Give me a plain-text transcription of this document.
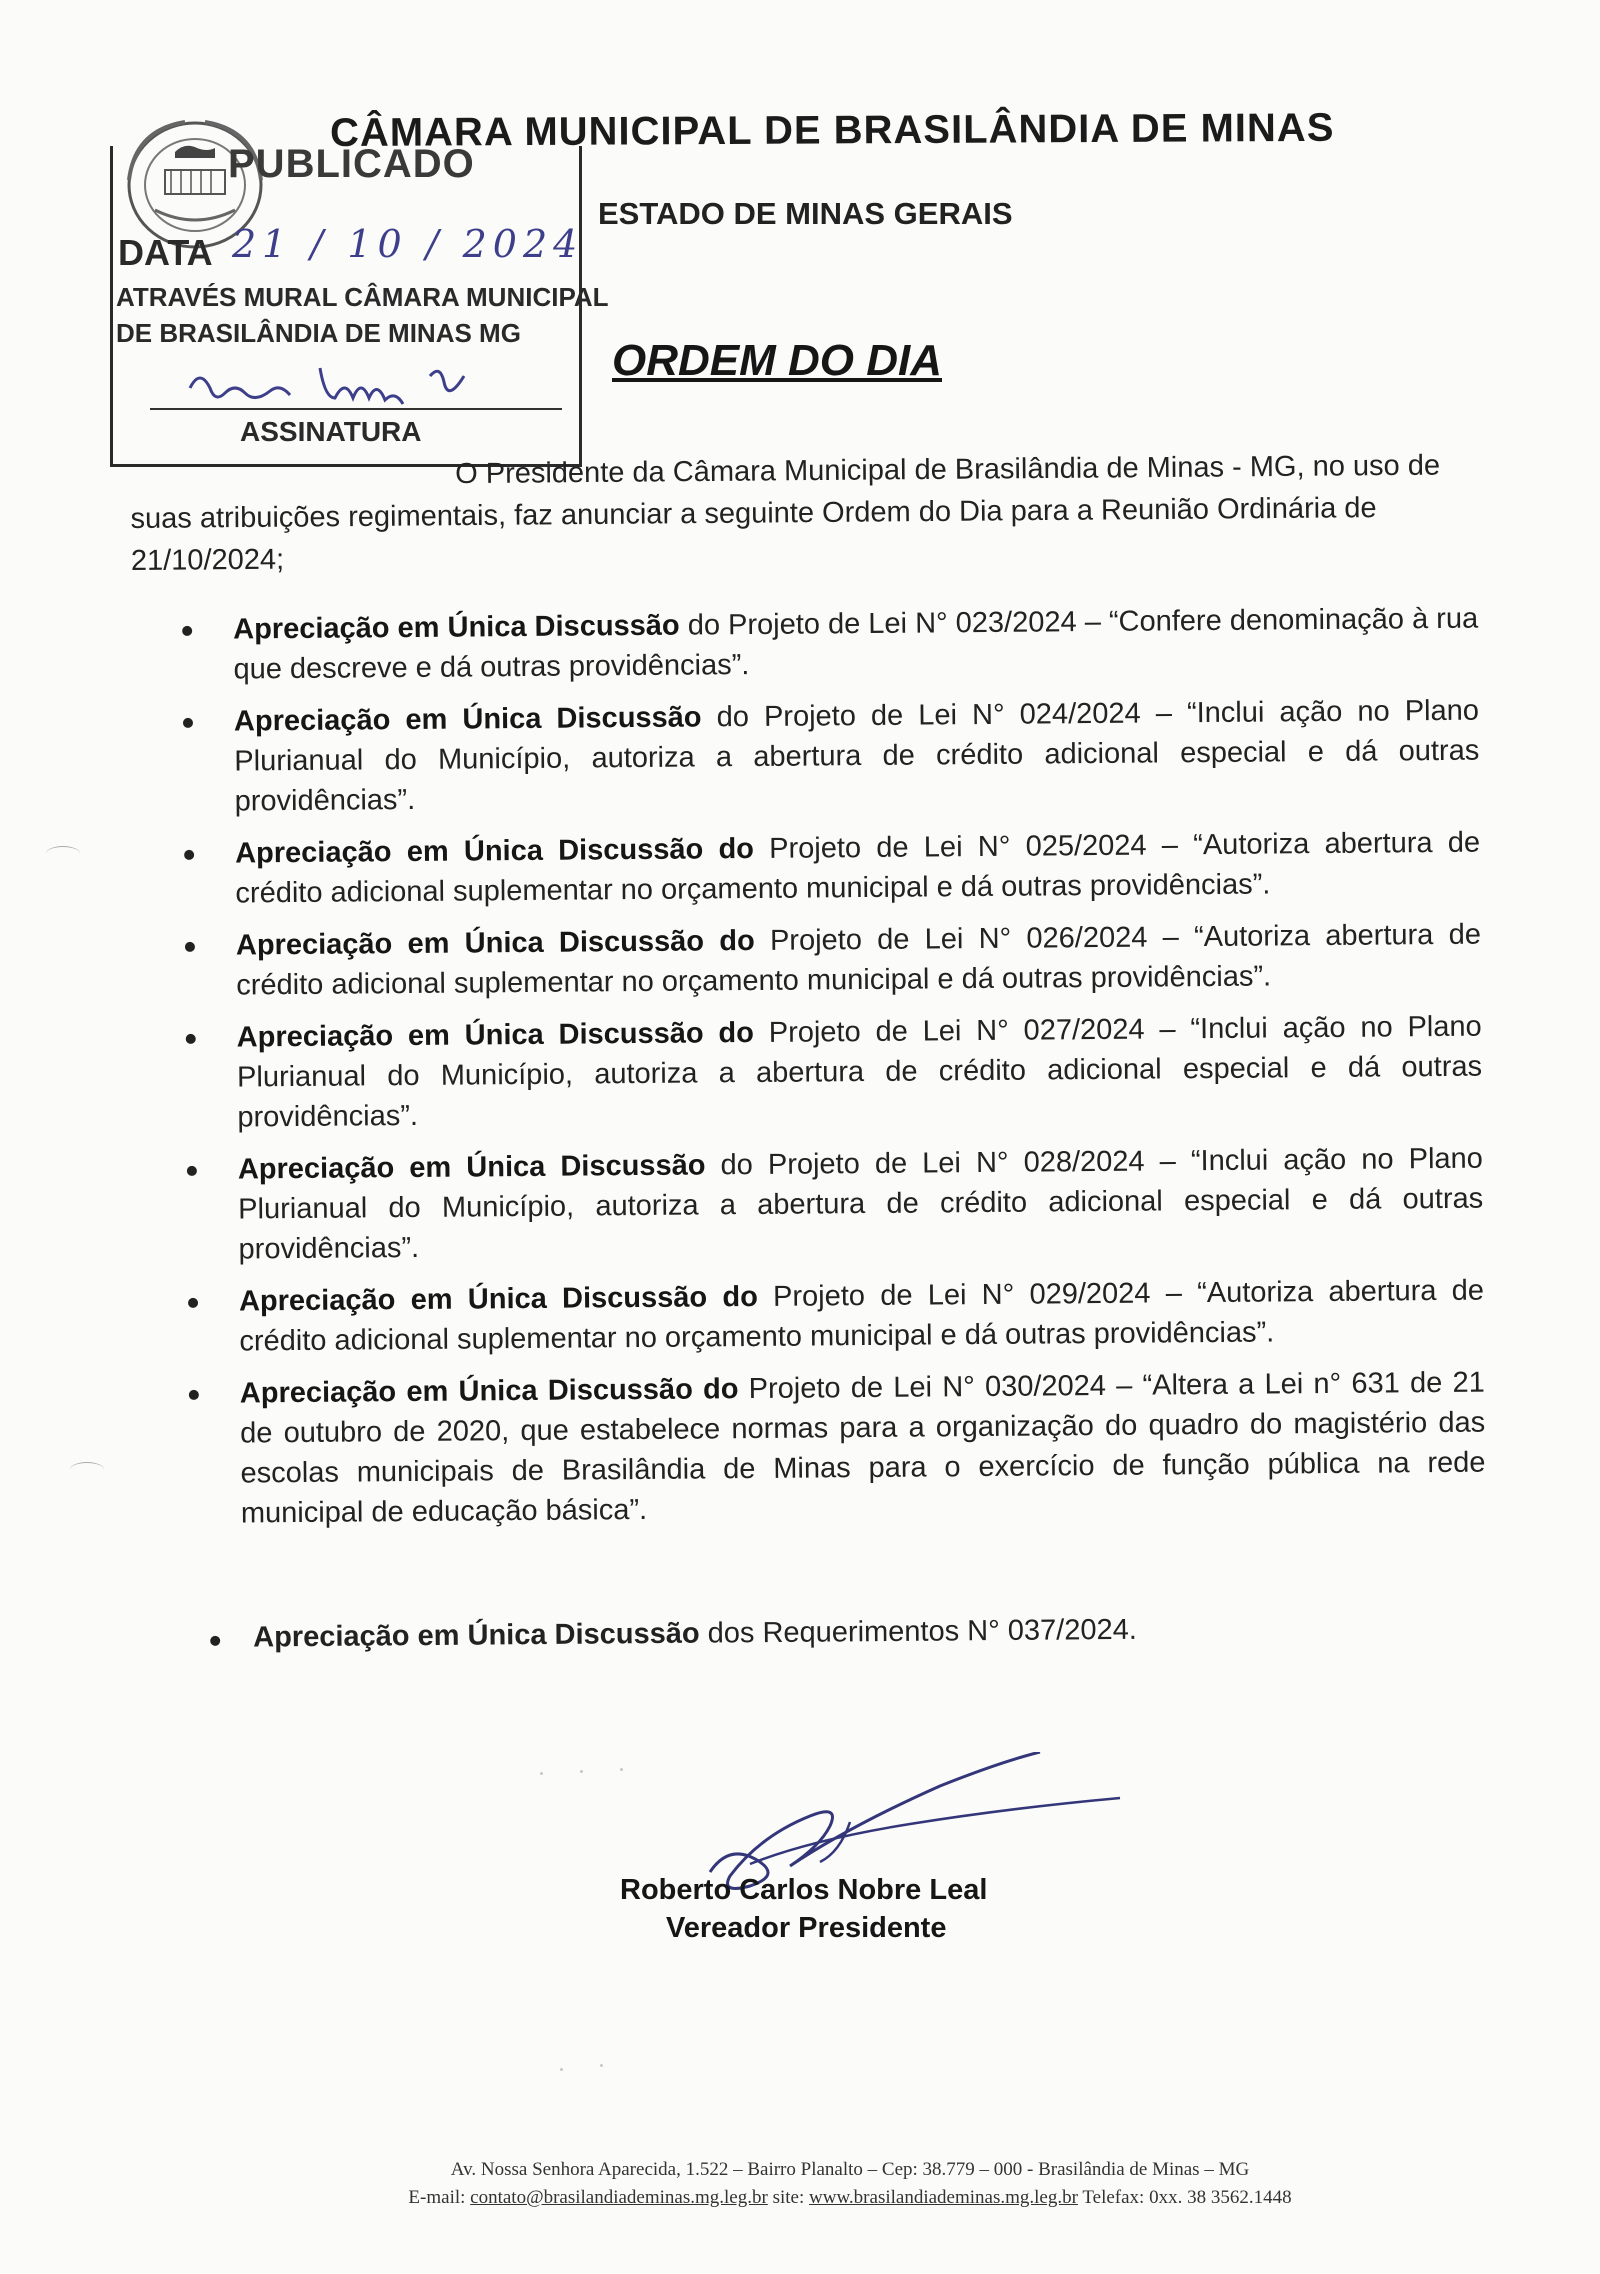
PUBLICADO
DATA 21 / 10 / 2024
ATRAVÉS MURAL CÂMARA MUNICIPAL
DE BRASILÂNDIA DE MINAS MG
ASSINATURA
CÂMARA MUNICIPAL DE BRASILÂNDIA DE MINAS
ESTADO DE MINAS GERAIS
ORDEM DO DIA
O Presidente da Câmara Municipal de Brasilândia de Minas - MG, no uso de suas atribuições regimentais, faz anunciar a seguinte Ordem do Dia para a Reunião Ordinária de 21/10/2024;
Apreciação em Única Discussão do Projeto de Lei N° 023/2024 – “Confere denominação à rua que descreve e dá outras providências”.
Apreciação em Única Discussão do Projeto de Lei N° 024/2024 – “Inclui ação no Plano Plurianual do Município, autoriza a abertura de crédito adicional especial e dá outras providências”.
Apreciação em Única Discussão do Projeto de Lei N° 025/2024 – “Autoriza abertura de crédito adicional suplementar no orçamento municipal e dá outras providências”.
Apreciação em Única Discussão do Projeto de Lei N° 026/2024 – “Autoriza abertura de crédito adicional suplementar no orçamento municipal e dá outras providências”.
Apreciação em Única Discussão do Projeto de Lei N° 027/2024 – “Inclui ação no Plano Plurianual do Município, autoriza a abertura de crédito adicional especial e dá outras providências”.
Apreciação em Única Discussão do Projeto de Lei N° 028/2024 – “Inclui ação no Plano Plurianual do Município, autoriza a abertura de crédito adicional especial e dá outras providências”.
Apreciação em Única Discussão do Projeto de Lei N° 029/2024 – “Autoriza abertura de crédito adicional suplementar no orçamento municipal e dá outras providências”.
Apreciação em Única Discussão do Projeto de Lei N° 030/2024 – “Altera a Lei n° 631 de 21 de outubro de 2020, que estabelece normas para a organização do quadro do magistério das escolas municipais de Brasilândia de Minas para o exercício de função pública na rede municipal de educação básica”.
Apreciação em Única Discussão dos Requerimentos N° 037/2024.
Roberto Carlos Nobre Leal
Vereador Presidente
Av. Nossa Senhora Aparecida, 1.522 – Bairro Planalto – Cep: 38.779 – 000 - Brasilândia de Minas – MG
E-mail: contato@brasilandiademinas.mg.leg.br site: www.brasilandiademinas.mg.leg.br Telefax: 0xx. 38 3562.1448
